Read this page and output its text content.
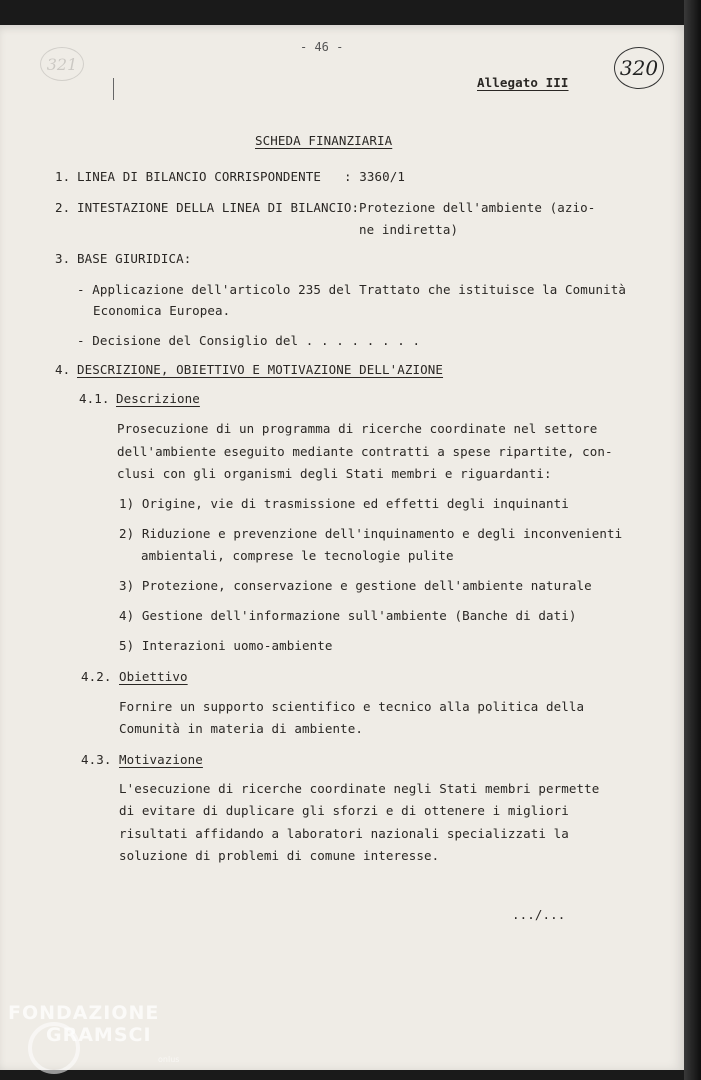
- 46 -
321	320
Allegato III
SCHEDA FINANZIARIA
1. LINEA DI BILANCIO CORRISPONDENTE : 3360/1
2. INTESTAZIONE DELLA LINEA DI BILANCIO: Protezione dell'ambiente (azio-
ne indiretta)
3. BASE GIURIDICA:
- Applicazione dell'articolo 235 del Trattato che istituisce la Comunità
Economica Europea.
- Decisione del Consiglio del . . . . . . . .
4. DESCRIZIONE, OBIETTIVO E MOTIVAZIONE DELL'AZIONE
4.1. Descrizione
Prosecuzione di un programma di ricerche coordinate nel settore
dell'ambiente eseguito mediante contratti a spese ripartite, con-
clusi con gli organismi degli Stati membri e riguardanti:
1) Origine, vie di trasmissione ed effetti degli inquinanti
2) Riduzione e prevenzione dell'inquinamento e degli inconvenienti
ambientali, comprese le tecnologie pulite
3) Protezione, conservazione e gestione dell'ambiente naturale
4) Gestione dell'informazione sull'ambiente (Banche di dati)
5) Interazioni uomo-ambiente
4.2. Obiettivo
Fornire un supporto scientifico e tecnico alla politica della
Comunità in materia di ambiente.
4.3. Motivazione
L'esecuzione di ricerche coordinate negli Stati membri permette
di evitare di duplicare gli sforzi e di ottenere i migliori
risultati affidando a laboratori nazionali specializzati la
soluzione di problemi di comune interesse.
.../...
FONDAZIONE
GRAMSCI
onlus
